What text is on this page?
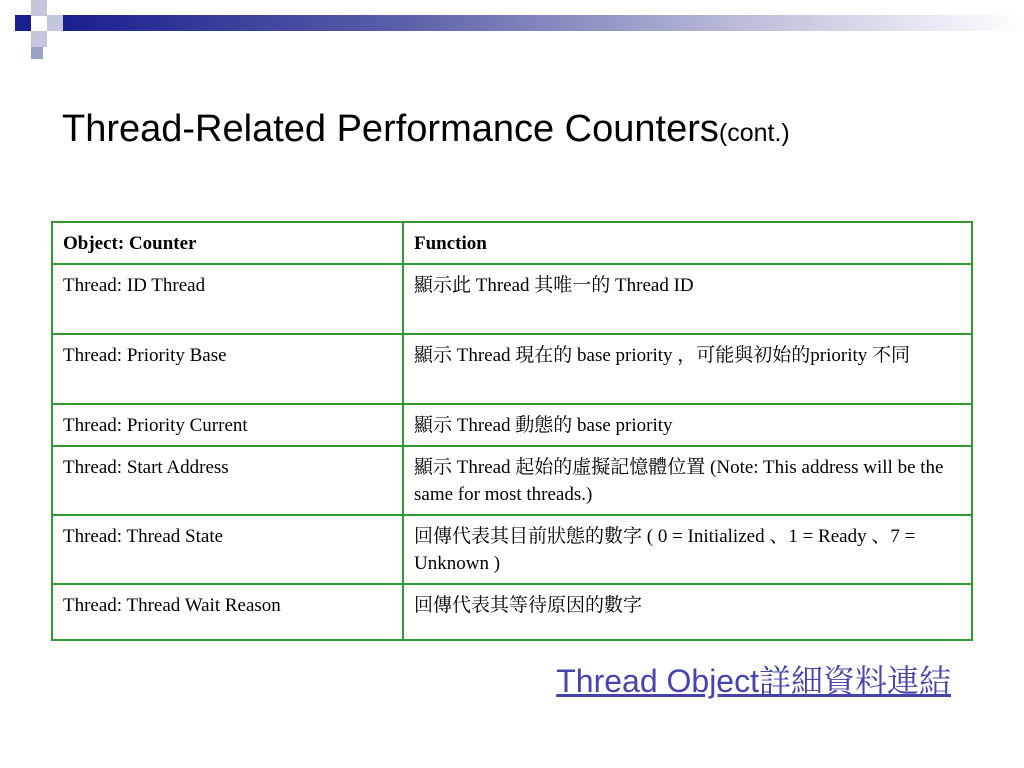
Thread-Related Performance Counters(cont.)
Object: Counter	Function
Thread: ID Thread	顯示此 Thread 其唯一的 Thread ID
Thread: Priority Base	顯示 Thread 現在的 base priority ，可能與初始的priority 不同
Thread: Priority Current	顯示 Thread 動態的 base priority
Thread: Start Address	顯示 Thread 起始的虛擬記憶體位置 (Note: This address will be the same for most threads.)
Thread: Thread State	回傳代表其目前狀態的數字 ( 0 = Initialized 、1 = Ready 、7 = Unknown )
Thread: Thread Wait Reason	回傳代表其等待原因的數字
Thread Object詳細資料連結
